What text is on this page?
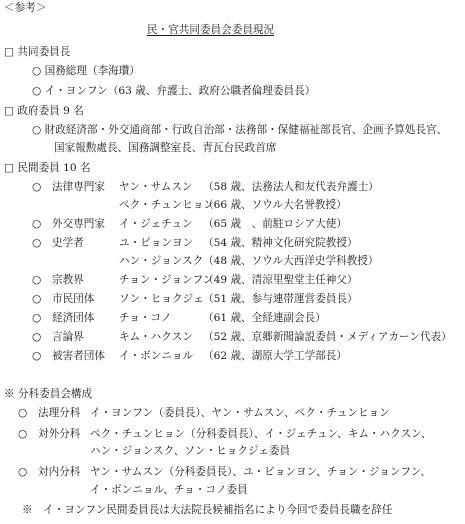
＜参考＞
民・官共同委員会委員現況
□ 共同委員長
○ 国務総理（李海瓚）
○ イ・ヨンフン（63 歳、弁護士、政府公職者倫理委員長）
□ 政府委員 9 名
○ 財政経済部・外交通商部・行政自治部・法務部・保健福祉部長官、企画予算処長官、
国家報勲處長、国務調整室長、青瓦台民政首席
□ 民間委員 10 名
○ 法律専門家 ヤン・サムスン （58 歳、法務法人和友代表弁護士）
ペク・チュンヒョン（66 歳、ソウル大名誉教授）
○ 外交専門家 イ・ジェチュン （65 歳　、前駐ロシア大使）
○ 史学者	ユ・ビョンヨン （54 歳、精神文化研究院教授）
ハン・ジョンスク（48 歳、ソウル大西洋史学科教授）
○ 宗教界	チョン・ジョンフン（49 歳、清涼里聖堂主任神父）
○ 市民団体 ソン・ヒョクジェ（51 歳、参与連帯運営委員長）
○ 経済団体 チョ・コノ	（61 歳、全経連副会長）
○ 言論界	キム・ハクスン （52 歳、京郷新聞論説委員・メディアカーン代表）
○ 被害者団体 イ・ボンニョル （62 歳、湖原大学工学部長）
※ 分科委員会構成
○ 法理分科 イ・ヨンフン（委員長）、ヤン・サムスン、ペク・チュンヒョン
○ 対外分科 ペク・チュンヒョン（分科委員長）、イ・ジェチュン、キム・ハクスン、
ハン・ジョンスク、ソン・ヒョクジェ委員
○ 対内分科 ヤン・サムスン（分科委員長）、ユ・ビョンヨン、チョン・ジョンフン、
イ・ボンニョル、チョ・コノ委員
※　イ・ヨンフン民間委員長は大法院長候補指名により今回で委員長職を辞任
